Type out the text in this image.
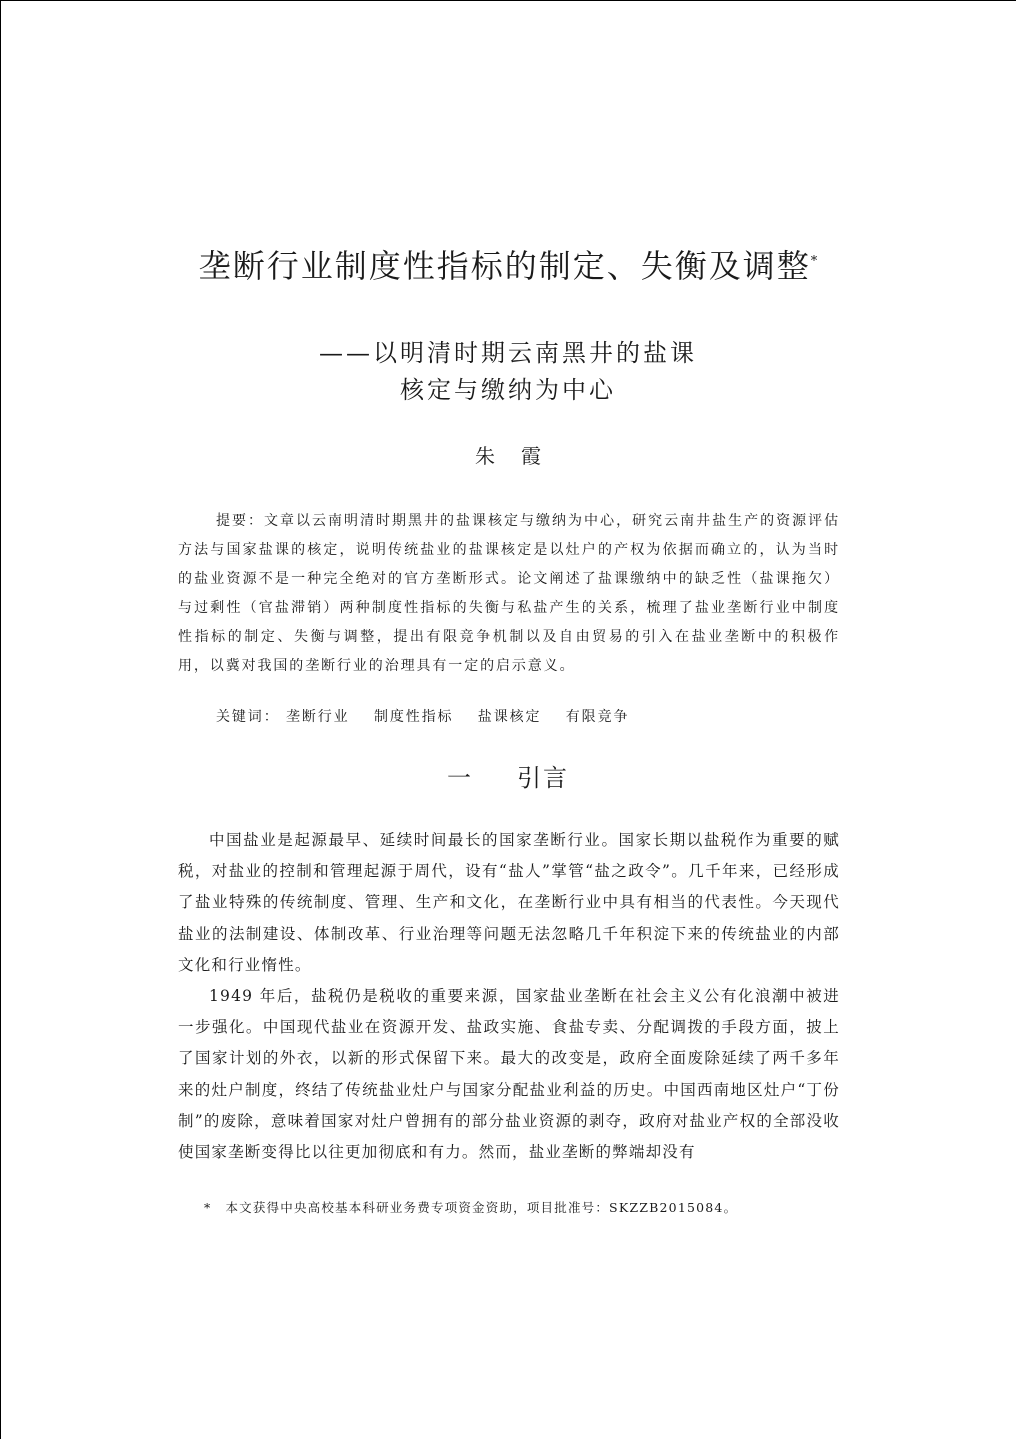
垄断行业制度性指标的制定、失衡及调整*
——以明清时期云南黑井的盐课
核定与缴纳为中心
朱霞
提要：文章以云南明清时期黑井的盐课核定与缴纳为中心，研究云南井盐生产的资源评估方法与国家盐课的核定，说明传统盐业的盐课核定是以灶户的产权为依据而确立的，认为当时的盐业资源不是一种完全绝对的官方垄断形式。论文阐述了盐课缴纳中的缺乏性（盐课拖欠）与过剩性（官盐滞销）两种制度性指标的失衡与私盐产生的关系，梳理了盐业垄断行业中制度性指标的制定、失衡与调整，提出有限竞争机制以及自由贸易的引入在盐业垄断中的积极作用，以冀对我国的垄断行业的治理具有一定的启示意义。
关键词： 垄断行业 制度性指标 盐课核定 有限竞争
一 引言

中国盐业是起源最早、延续时间最长的国家垄断行业。国家长期以盐税作为重要的赋税，对盐业的控制和管理起源于周代，设有“盐人”掌管“盐之政令”。几千年来，已经形成了盐业特殊的传统制度、管理、生产和文化，在垄断行业中具有相当的代表性。今天现代盐业的法制建设、体制改革、行业治理等问题无法忽略几千年积淀下来的传统盐业的内部文化和行业惰性。

1949 年后，盐税仍是税收的重要来源，国家盐业垄断在社会主义公有化浪潮中被进一步强化。中国现代盐业在资源开发、盐政实施、食盐专卖、分配调拨的手段方面，披上了国家计划的外衣，以新的形式保留下来。最大的改变是，政府全面废除延续了两千多年来的灶户制度，终结了传统盐业灶户与国家分配盐业利益的历史。中国西南地区灶户“丁份制”的废除，意味着国家对灶户曾拥有的部分盐业资源的剥夺，政府对盐业产权的全部没收使国家垄断变得比以往更加彻底和有力。然而，盐业垄断的弊端却没有

* 本文获得中央高校基本科研业务费专项资金资助，项目批准号：SKZZB2015084。
